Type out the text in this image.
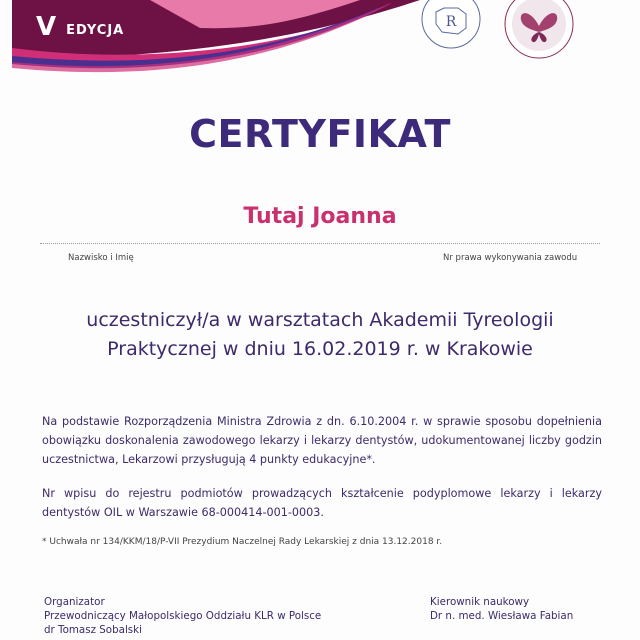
V EDYCJA	R
CERTYFIKAT
Tutaj Joanna
Nazwisko i Imię	Nr prawa wykonywania zawodu
uczestniczył/a w warsztatach Akademii Tyreologii
Praktycznej w dniu 16.02.2019 r. w Krakowie
Na podstawie Rozporządzenia Ministra Zdrowia z dn. 6.10.2004 r. w sprawie sposobu dopełnienia obowiązku doskonalenia zawodowego lekarzy i lekarzy dentystów, udokumentowanej liczby godzin uczestnictwa, Lekarzowi przysługują 4 punkty edukacyjne*.
Nr wpisu do rejestru podmiotów prowadzących kształcenie podyplomowe lekarzy i lekarzy dentystów OIL w Warszawie 68-000414-001-0003.
* Uchwała nr 134/KKM/18/P-VII Prezydium Naczelnej Rady Lekarskiej z dnia 13.12.2018 r.
Organizator
Przewodniczący Małopolskiego Oddziału KLR w Polsce
dr Tomasz Sobalski
Kierownik naukowy
Dr n. med. Wiesława Fabian
